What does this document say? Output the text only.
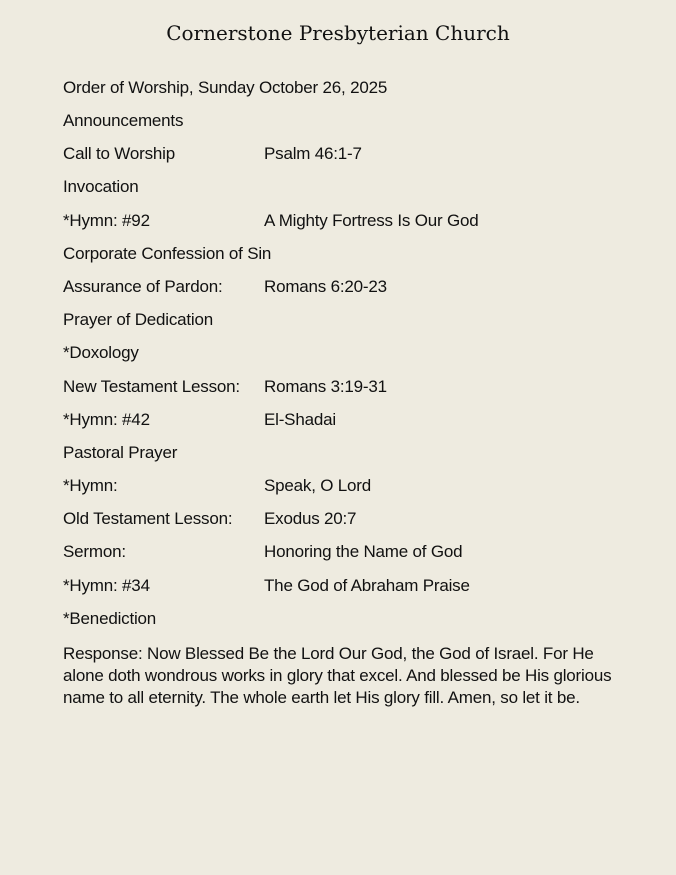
Cornerstone Presbyterian Church
Order of Worship, Sunday October 26, 2025
Announcements
Call to Worship	Psalm 46:1-7
Invocation
*Hymn: #92	A Mighty Fortress Is Our God
Corporate Confession of Sin
Assurance of Pardon: Romans 6:20-23
Prayer of Dedication
*Doxology
New Testament Lesson: Romans 3:19-31
*Hymn: #42	El-Shadai
Pastoral Prayer
*Hymn:	Speak, O Lord
Old Testament Lesson: Exodus 20:7
Sermon:	Honoring the Name of God
*Hymn: #34	The God of Abraham Praise
*Benediction
Response: Now Blessed Be the Lord Our God, the God of Israel. For He alone doth wondrous works in glory that excel. And blessed be His glorious name to all eternity. The whole earth let His glory fill. Amen, so let it be.
